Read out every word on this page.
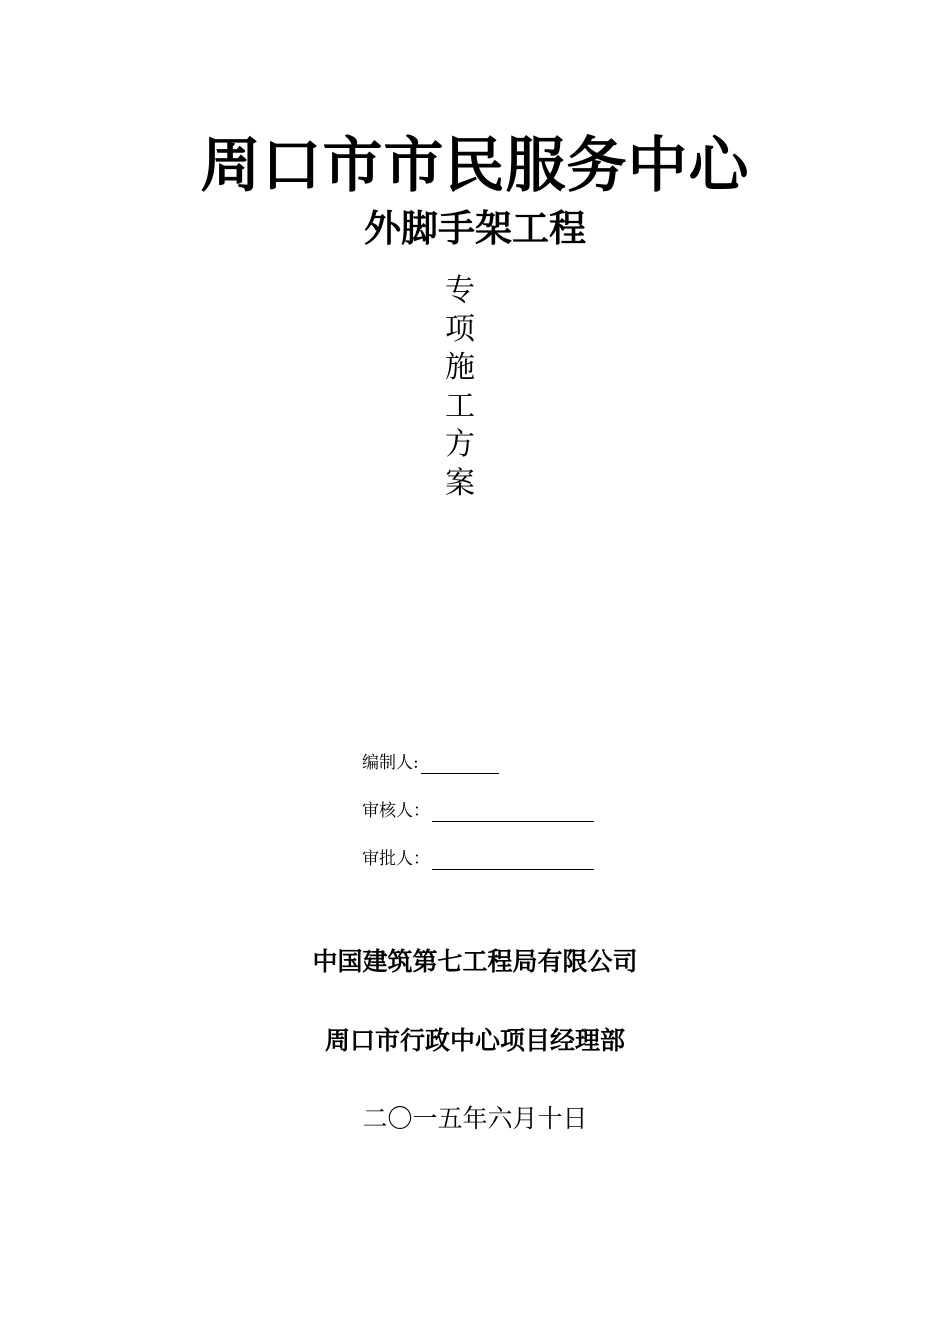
周口市市民服务中心
外脚手架工程
专
项
施
工
方
案
编制人:
审核人：
审批人：
中国建筑第七工程局有限公司
周口市行政中心项目经理部
二〇一五年六月十日
